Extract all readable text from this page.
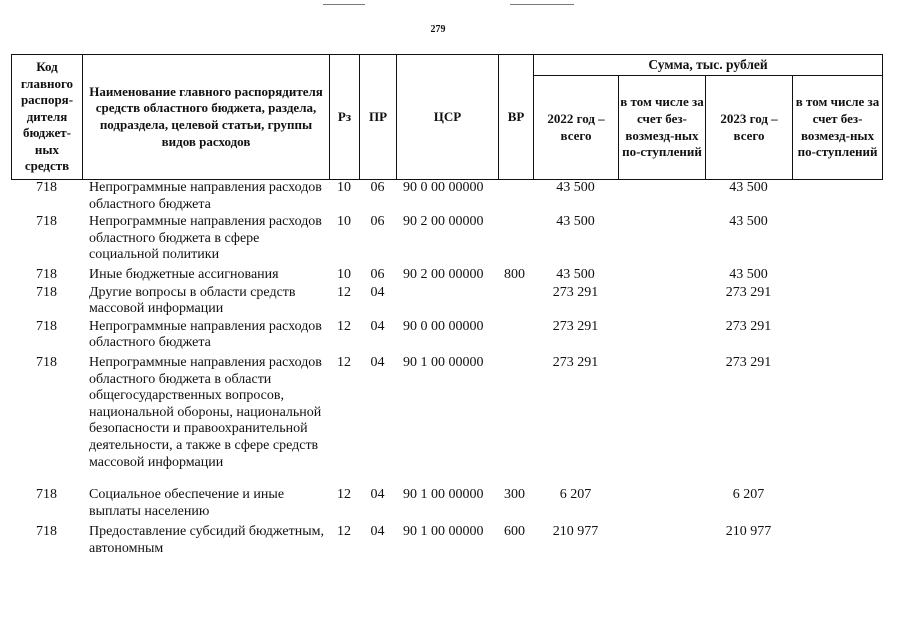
279
Код главного распоря-дителя бюджет-ных средств	Наименование главного распорядителя средств областного бюджета, раздела, подраздела, целевой статьи, группы видов расходов	Рз	ПР	ЦСР	ВР	Сумма, тыс. рублей			
						2022 год – всего	в том числе за счет без-возмезд-ных по-ступлений	2023 год – всего	в том числе за счет без-возмезд-ных по-ступлений
718	Непрограммные направления расходов областного бюджета	10	06	90 0 00 00000		43 500		43 500	
718	Непрограммные направления расходов областного бюджета в сфере социальной политики	10	06	90 2 00 00000		43 500		43 500	
718	Иные бюджетные ассигнования	10	06	90 2 00 00000	800	43 500		43 500	
718	Другие вопросы в области средств массовой информации	12	04			273 291		273 291	
718	Непрограммные направления расходов областного бюджета	12	04	90 0 00 00000		273 291		273 291	
718	Непрограммные направления расходов областного бюджета в области общегосударственных вопросов, национальной обороны, национальной безопасности и правоохранительной деятельности, а также в сфере средств массовой информации	12	04	90 1 00 00000		273 291		273 291	
718	Социальное обеспечение и иные выплаты населению	12	04	90 1 00 00000	300	6 207		6 207	
718	Предоставление субсидий бюджетным, автономным	12	04	90 1 00 00000	600	210 977		210 977	
